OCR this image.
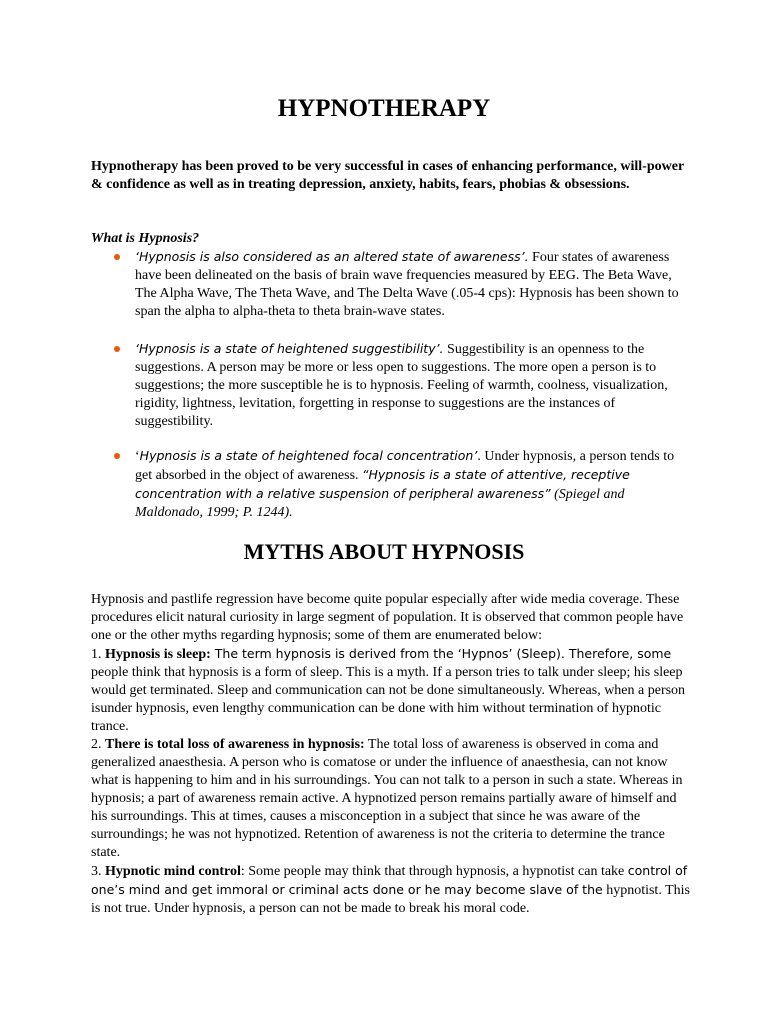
HYPNOTHERAPY

Hypnotherapy has been proved to be very successful in cases of enhancing performance, will-power & confidence as well as in treating depression, anxiety, habits, fears, phobias & obsessions.

What is Hypnosis?

‘Hypnosis is also considered as an altered state of awareness’. Four states of awareness have been delineated on the basis of brain wave frequencies measured by EEG. The Beta Wave, The Alpha Wave, The Theta Wave, and The Delta Wave (.05-4 cps): Hypnosis has been shown to span the alpha to alpha-theta to theta brain-wave states.
‘Hypnosis is a state of heightened suggestibility’. Suggestibility is an openness to the suggestions. A person may be more or less open to suggestions. The more open a person is to suggestions; the more susceptible he is to hypnosis. Feeling of warmth, coolness, visualization, rigidity, lightness, levitation, forgetting in response to suggestions are the instances of suggestibility.
‘Hypnosis is a state of heightened focal concentration’. Under hypnosis, a person tends to get absorbed in the object of awareness. “Hypnosis is a state of attentive, receptive concentration with a relative suspension of peripheral awareness” (Spiegel and Maldonado, 1999; P. 1244).
MYTHS ABOUT HYPNOSIS

Hypnosis and pastlife regression have become quite popular especially after wide media coverage. These procedures elicit natural curiosity in large segment of population. It is observed that common people have one or the other myths regarding hypnosis; some of them are enumerated below:

1. Hypnosis is sleep: The term hypnosis is derived from the ‘Hypnos’ (Sleep). Therefore, some people think that hypnosis is a form of sleep. This is a myth. If a person tries to talk under sleep; his sleep would get terminated. Sleep and communication can not be done simultaneously. Whereas, when a person isunder hypnosis, even lengthy communication can be done with him without termination of hypnotic trance.

2. There is total loss of awareness in hypnosis: The total loss of awareness is observed in coma and generalized anaesthesia. A person who is comatose or under the influence of anaesthesia, can not know what is happening to him and in his surroundings. You can not talk to a person in such a state. Whereas in hypnosis; a part of awareness remain active. A hypnotized person remains partially aware of himself and his surroundings. This at times, causes a misconception in a subject that since he was aware of the surroundings; he was not hypnotized. Retention of awareness is not the criteria to determine the trance state.

3. Hypnotic mind control: Some people may think that through hypnosis, a hypnotist can take control of one’s mind and get immoral or criminal acts done or he may become slave of the hypnotist. This is not true. Under hypnosis, a person can not be made to break his moral code.
